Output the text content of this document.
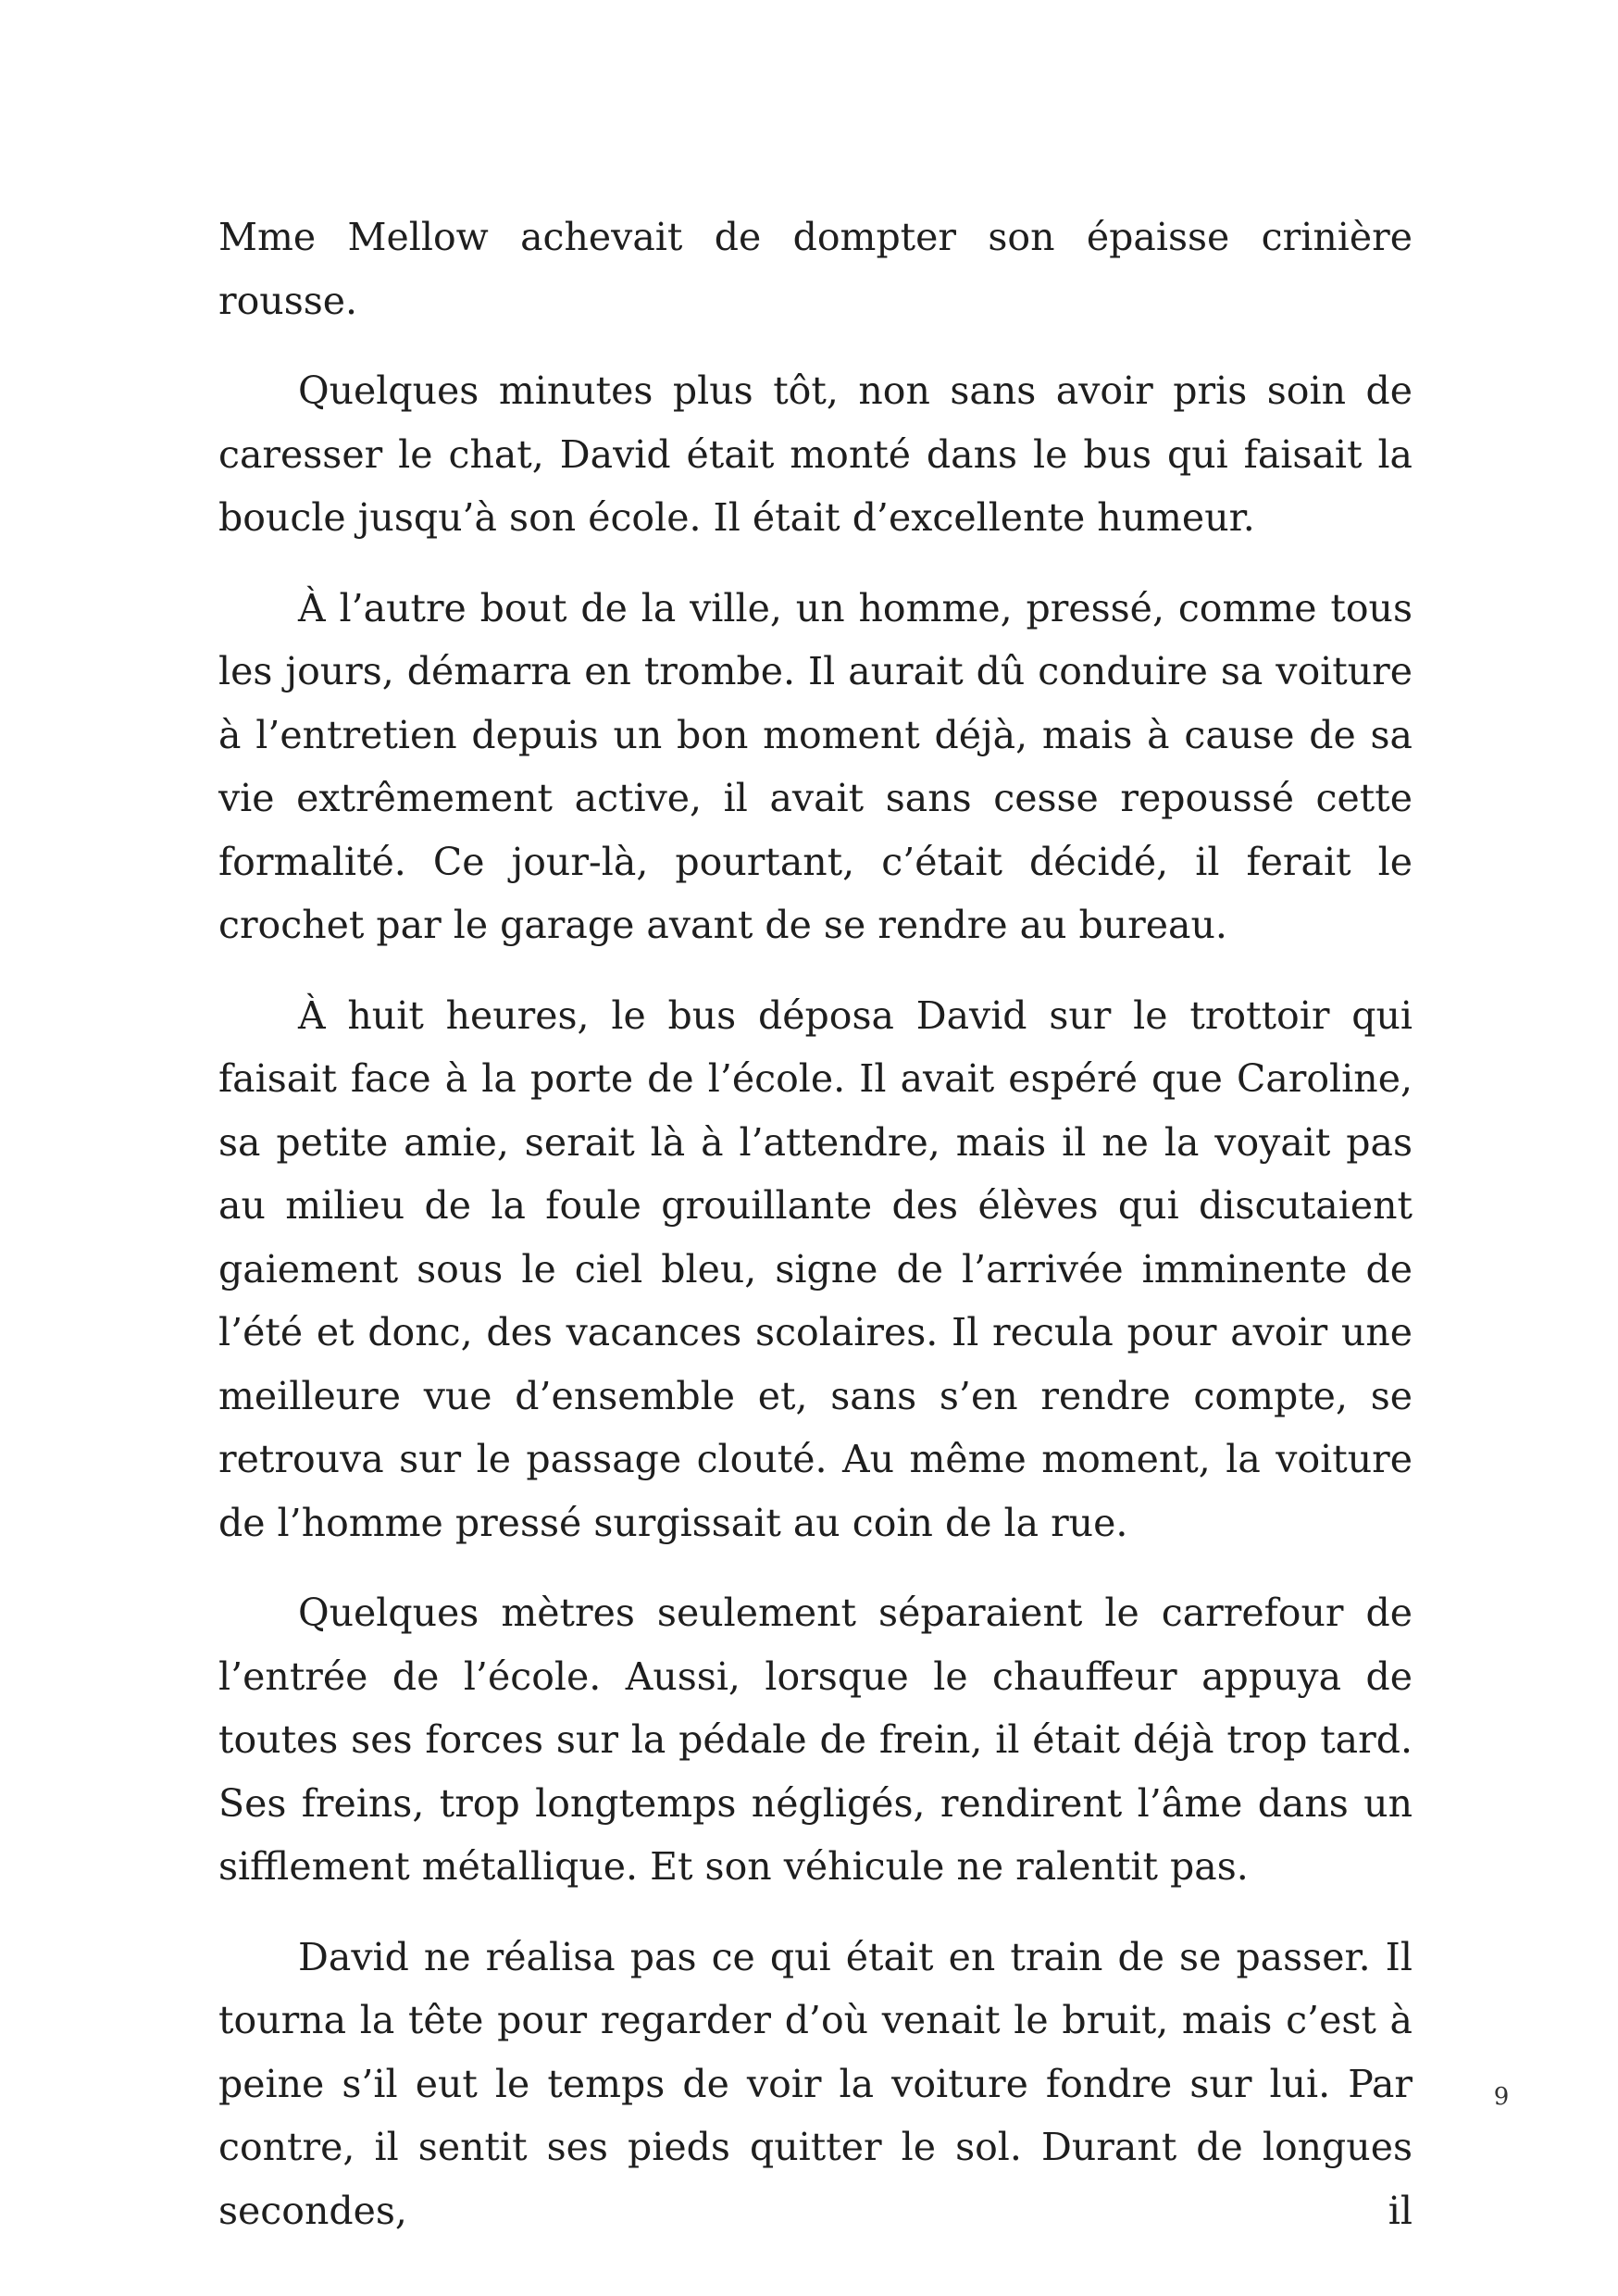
Mme Mellow achevait de dompter son épaisse crinière rousse.

Quelques minutes plus tôt, non sans avoir pris soin de caresser le chat, David était monté dans le bus qui faisait la boucle jusqu’à son école. Il était d’excellente humeur.

À l’autre bout de la ville, un homme, pressé, comme tous les jours, démarra en trombe. Il aurait dû conduire sa voiture à l’entretien depuis un bon moment déjà, mais à cause de sa vie extrêmement active, il avait sans cesse repoussé cette formalité. Ce jour-là, pourtant, c’était décidé, il ferait le crochet par le garage avant de se rendre au bureau.

À huit heures, le bus déposa David sur le trottoir qui faisait face à la porte de l’école. Il avait espéré que Caroline, sa petite amie, serait là à l’attendre, mais il ne la voyait pas au milieu de la foule grouillante des élèves qui discutaient gaiement sous le ciel bleu, signe de l’arrivée imminente de l’été et donc, des vacances scolaires. Il recula pour avoir une meilleure vue d’ensemble et, sans s’en rendre compte, se retrouva sur le passage clouté. Au même moment, la voiture de l’homme pressé surgissait au coin de la rue.

Quelques mètres seulement séparaient le carrefour de l’entrée de l’école. Aussi, lorsque le chauffeur appuya de toutes ses forces sur la pédale de frein, il était déjà trop tard. Ses freins, trop longtemps négligés, rendirent l’âme dans un sifflement métallique. Et son véhicule ne ralentit pas.

David ne réalisa pas ce qui était en train de se passer. Il tourna la tête pour regarder d’où venait le bruit, mais c’est à peine s’il eut le temps de voir la voiture fondre sur lui. Par contre, il sentit ses pieds quitter le sol. Durant de longues secondes, il

9
